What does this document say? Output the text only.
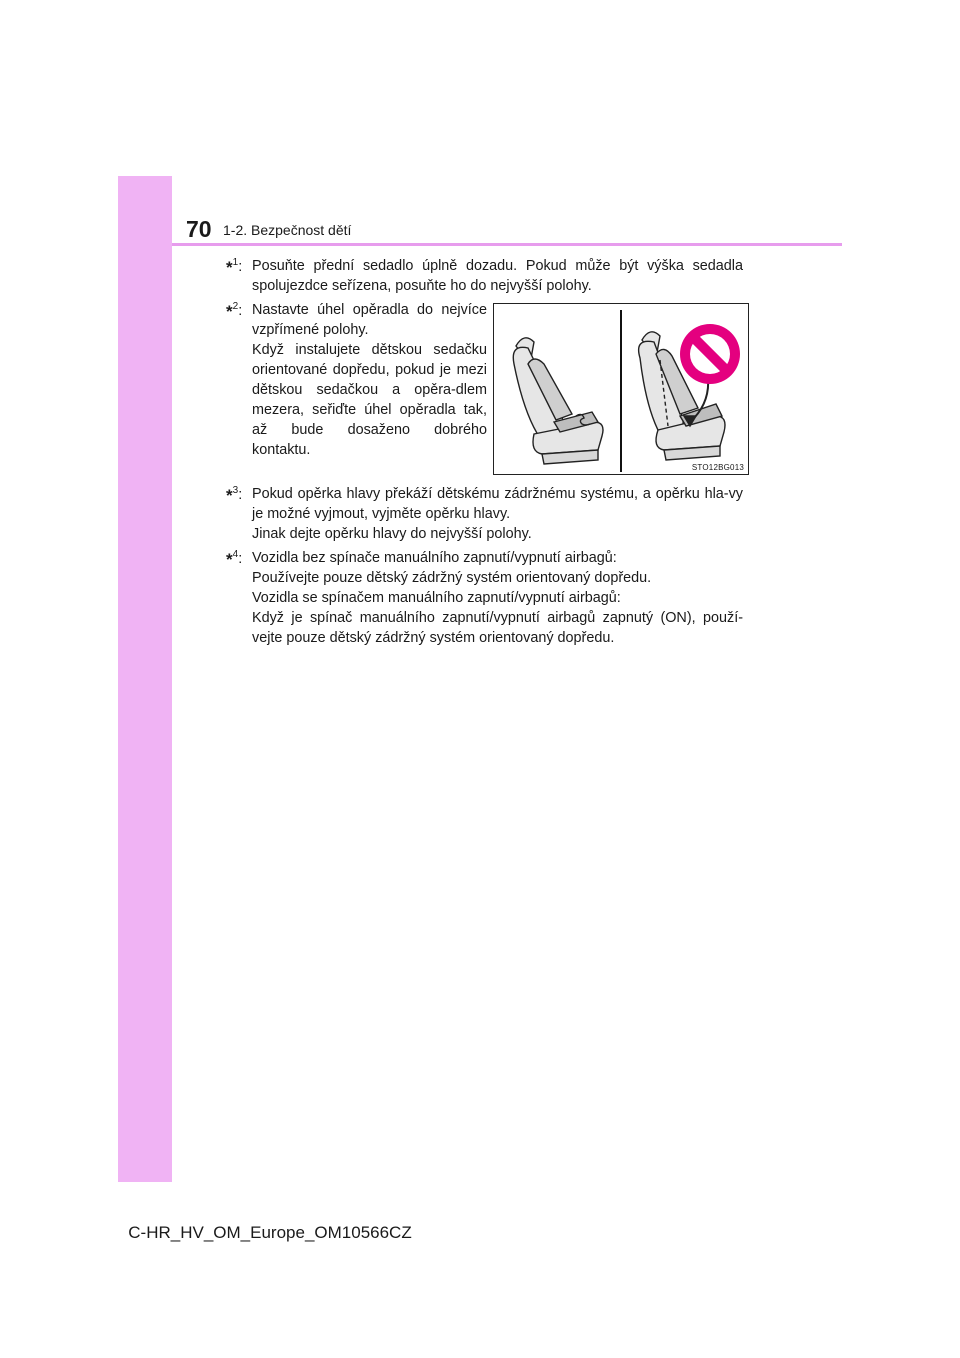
70 1-2. Bezpečnost dětí
*$^1$: Posuňte přední sedadlo úplně dozadu. Pokud může být výška sedadla spolujezdce seřízena, posuňte ho do nejvyšší polohy.

*$^2$: Nastavte úhel opěradla do nejvíce vzpřímené polohy.

Když instalujete dětskou sedačku orientované dopředu, pokud je mezi dětskou sedačkou a opěra-dlem mezera, seřiďte úhel opěradla tak, až bude dosaženo dobrého kontaktu.

STO12BG013
*$^3$: Pokud opěrka hlavy překáží dětskému zádržnému systému, a opěrku hla-vy je možné vyjmout, vyjměte opěrku hlavy.

Jinak dejte opěrku hlavy do nejvyšší polohy.

*$^4$: Vozidla bez spínače manuálního zapnutí/vypnutí airbagů:

Používejte pouze dětský zádržný systém orientovaný dopředu.

Vozidla se spínačem manuálního zapnutí/vypnutí airbagů:

Když je spínač manuálního zapnutí/vypnutí airbagů zapnutý (ON), použí-vejte pouze dětský zádržný systém orientovaný dopředu.

C-HR_HV_OM_Europe_OM10566CZ
